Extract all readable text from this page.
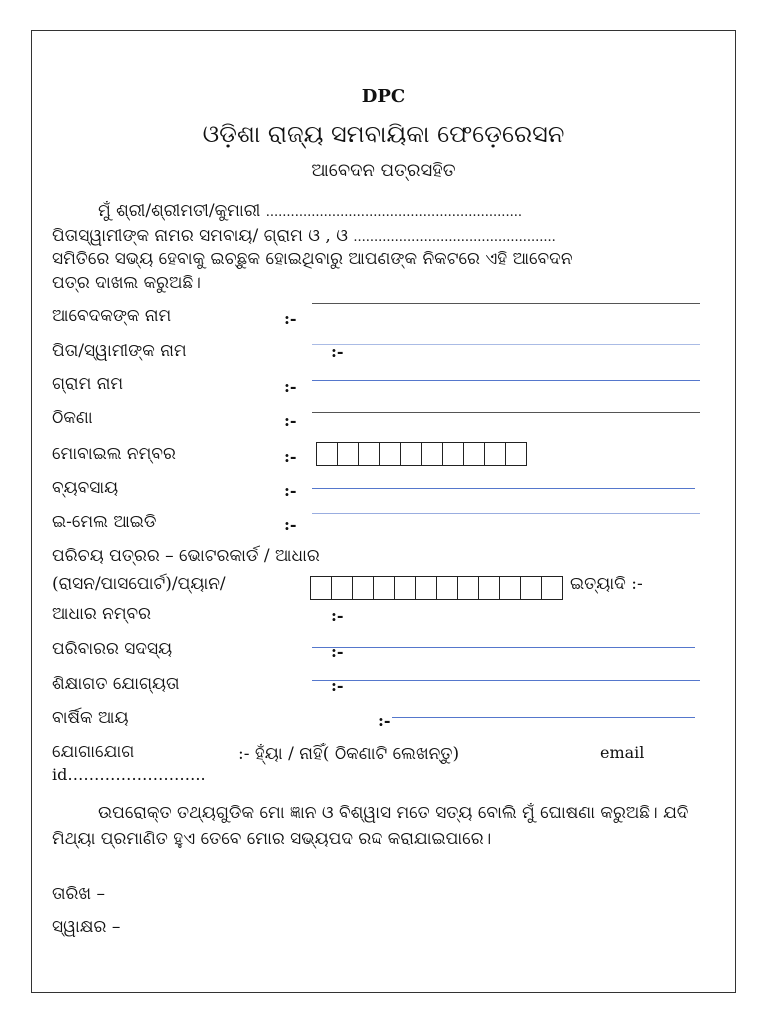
DPC
ଓଡ଼ିଶା ରାଜ୍ୟ ସମବାୟିକା ଫେଡ଼େରେସନ
ଆବେଦନ ପତ୍ରସହିତ
ମୁଁ ଶ୍ରୀ/ଶ୍ରୀମତୀ/କୁମାରୀ ..............................................................
ପିତାସ୍ୱାମୀଙ୍କ ନାମର ସମବାୟ/ ଗ୍ରାମ ଓ , ଓ .................................................
ସମିତିରେ ସଭ୍ୟ ହେବାକୁ ଇଚ୍ଛୁକ ହୋଇଥିବାରୁ ଆପଣଙ୍କ ନିକଟରେ ଏହି ଆବେଦନ
ପତ୍ର ଦାଖଲ କରୁଅଛି।
ଆବେଦକଙ୍କ ନାମ	:-
ପିତା/ସ୍ୱାମୀଙ୍କ ନାମ	:-
ଗ୍ରାମ ନାମ	:-
ଠିକଣା	:-
ମୋବାଇଲ ନମ୍ବର	:-
ବ୍ୟବସାୟ	:-
ଇ-ମେଲ ଆଇଡି	:-
ପରିଚୟ ପତ୍ରର – ଭୋଟରକାର୍ଡ / ଆଧାର
(ରାସନ/ପାସପୋର୍ଟ)/ପ୍ୟାନ/	ଇତ୍ୟାଦି :-
ଆଧାର ନମ୍ବର	:-
ପରିବାରର ସଦସ୍ୟ	:-
ଶିକ୍ଷାଗତ ଯୋଗ୍ୟତା	:-
ବାର୍ଷିକ ଆୟ	:-
ଯୋଗାଯୋଗ	:- ହ୍ୟାଁ / ନାହିଁ( ଠିକଣାଟି ଲେଖନ୍ତୁ)	email
id……………………..
ଉପରୋକ୍ତ ତଥ୍ୟଗୁଡିକ ମୋ ଜ୍ଞାନ ଓ ବିଶ୍ୱାସ ମତେ ସତ୍ୟ ବୋଲି ମୁଁ ଘୋଷଣା କରୁଅଛି। ଯଦି ମିଥ୍ୟା ପ୍ରମାଣିତ ହୁଏ ତେବେ ମୋର ସଭ୍ୟପଦ ରଦ୍ଦ କରାଯାଇପାରେ।
ତାରିଖ –
ସ୍ୱାକ୍ଷର –
